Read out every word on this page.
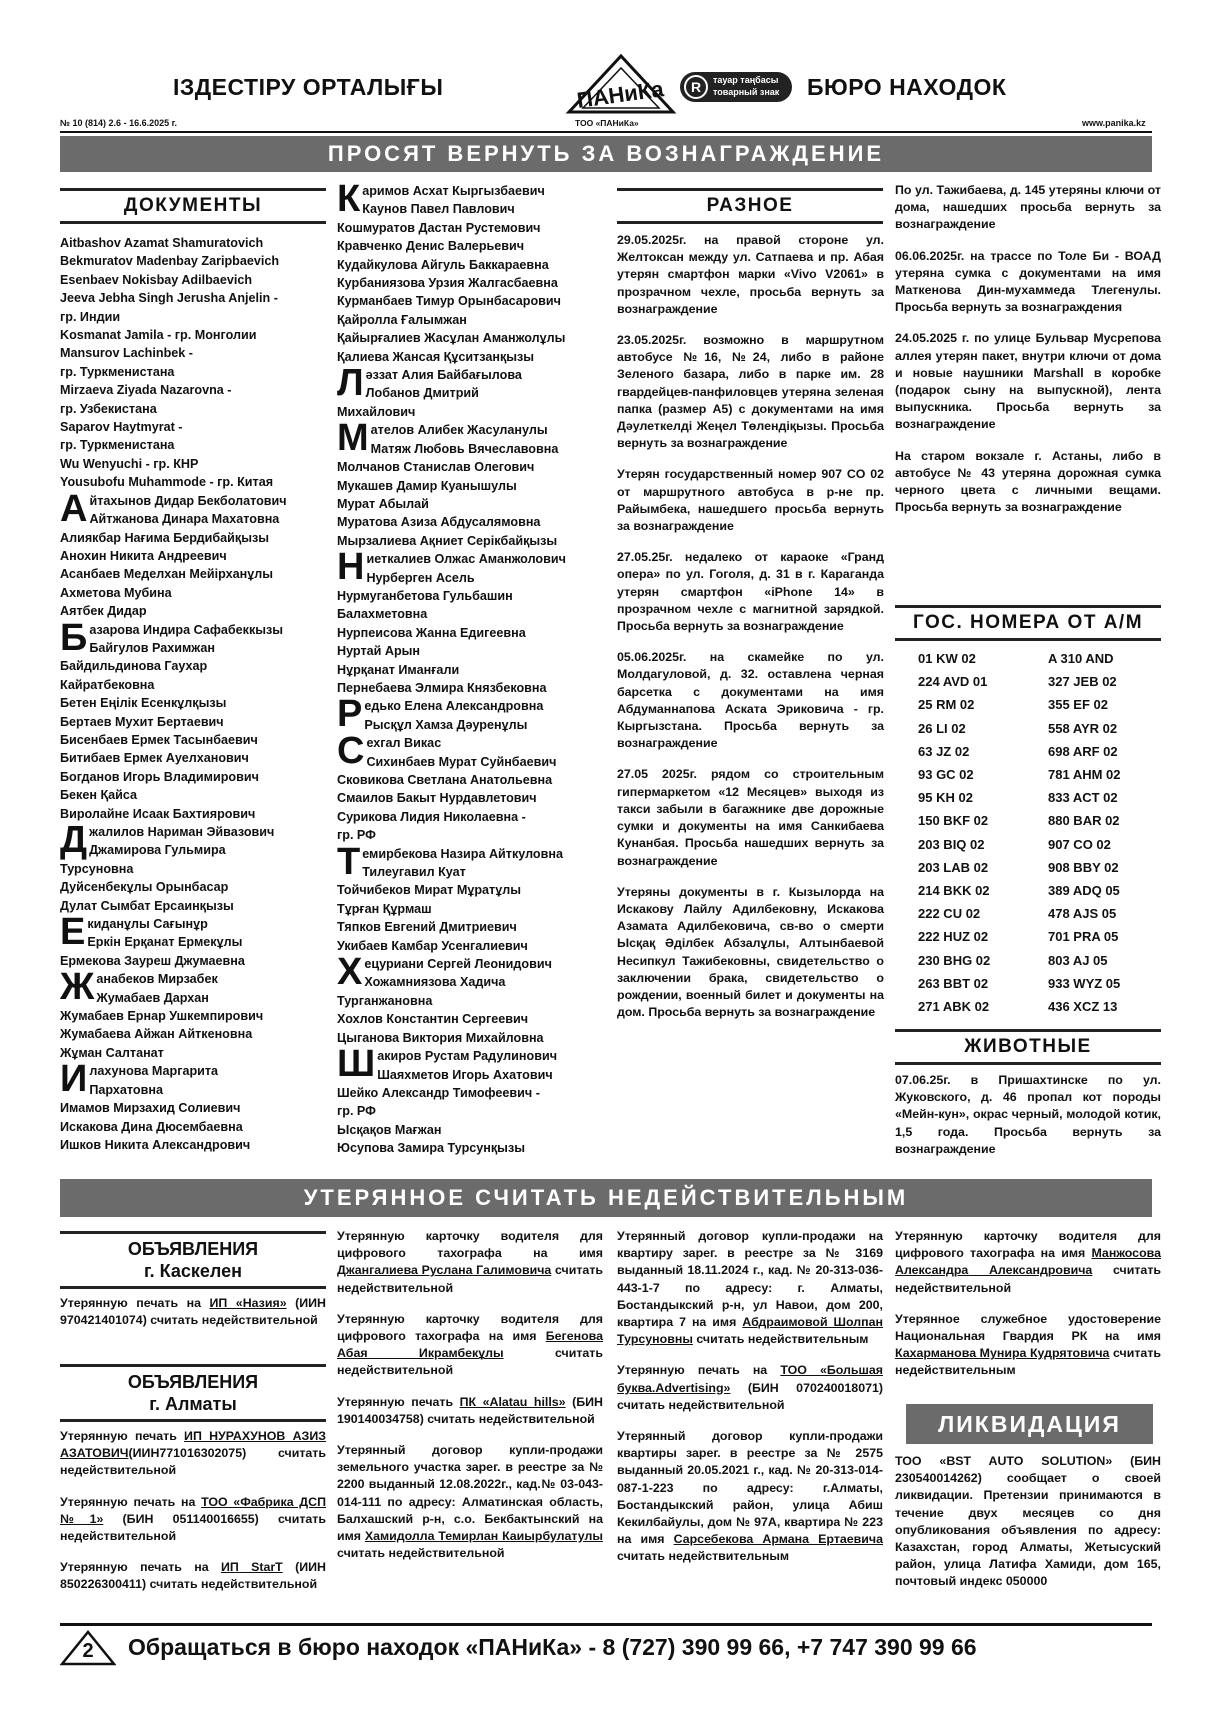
ІЗДЕСТІРУ ОРТАЛЫҒЫ	ПАНиКа
ТОО «ПАНиКа»
R	тауар таңбасы
товарный знак БЮРО НАХОДОК
№ 10 (814) 2.6 - 16.6.2025 г.	www.panika.kz
ПРОСЯТ ВЕРНУТЬ ЗА ВОЗНАГРАЖДЕНИЕ
ДОКУМЕНТЫ
Aitbashov Azamat Shamuratovich
Bekmuratov Madenbay Zaripbaevich
Esenbaev Nokisbay Adilbaevich
Jeeva Jebha Singh Jerusha Anjelin -
гр. Индии
Kosmanat Jamila - гр. Монголии
Mansurov Lachinbek -
гр. Туркменистана
Mirzaeva Ziyada Nazarovna -
гр. Узбекистана
Saparov Haytmyrat -
гр. Туркменистана
Wu Wenyuchi - гр. КНР
Yousubofu Muhammode - гр. Китая
А йтахынов Дидар Бекболатович
Айтжанова Динара Махатовна
Алиякбар Нағима Бердибайқызы
Анохин Никита Андреевич
Асанбаев Меделхан Мейірханұлы
Ахметова Мубина
Аятбек Дидар
Б азарова Индира Сафабеккызы
Байгулов Рахимжан
Байдильдинова Гаухар
Кайратбековна
Бетен Еңілік Есенкұлқызы
Бертаев Мухит Бертаевич
Бисенбаев Ермек Тасынбаевич
Битибаев Ермек Ауелханович
Богданов Игорь Владимирович
Бекен Қайса
Виролайне Исаак Бахтиярович
Д жалилов Нариман Эйвазович
Джамирова Гульмира
Турсуновна
Дуйсенбекұлы Орынбасар
Дулат Сымбат Ерсаинқызы
Е киданұлы Сағынұр
Еркін Ерқанат Ермекұлы
Ермекова Зауреш Джумаевна
Ж анабеков Мирзабек
Жумабаев Дархан
Жумабаев Ернар Ушкемпирович
Жумабаева Айжан Айткеновна
Жұман Салтанат
И лахунова Маргарита
Пархатовна
Имамов Мирзахид Солиевич
Искакова Дина Дюсембаевна
Ишков Никита Александрович
К аримов Асхат Кыргызбаевич
Каунов Павел Павлович
Кошмуратов Дастан Рустемович
Кравченко Денис Валерьевич
Кудайкулова Айгуль Баккараевна
Курбаниязова Урзия Жалгасбаевна
Курманбаев Тимур Орынбасарович
Қайролла Ғалымжан
Қайырғалиев Жасұлан Аманжолұлы
Қалиева Жансая Құситзанқызы
Л əззат Алия Байбағылова
Лобанов Дмитрий
Михайлович
М ателов Алибек Жасуланулы
Матяж Любовь Вячеславовна
Молчанов Станислав Олегович
Мукашев Дамир Куанышулы
Мурат Абылай
Муратова Азиза Абдусалямовна
Мырзалиева Ақниет Серікбайқызы
Н иеткалиев Олжас Аманжолович
Нурберген Асель
Нурмуганбетова Гульбашин
Балахметовна
Нурпеисова Жанна Едигеевна
Нуртай Арын
Нұрқанат Иманғали
Пернебаева Элмира Князбековна
Р едько Елена Александровна
Рысқұл Хамза Дәуренұлы
С ехгал Викас
Сихинбаев Мурат Суйнбаевич
Сковикова Светлана Анатольевна
Смаилов Бакыт Нурдавлетович
Сурикова Лидия Николаевна -
гр. РФ
Т емирбекова Назира Айткуловна
Тилеугавил Куат
Тойчибеков Мират Мұратұлы
Тұрған Құрмаш
Тяпков Евгений Дмитриевич
Укибаев Камбар Усенгалиевич
Х ецуриани Сергей Леонидович
Хожамниязова Хадича
Турганжановна
Хохлов Константин Сергеевич
Цыганова Виктория Михайловна
Ш акиров Рустам Радулинович
Шаяхметов Игорь Ахатович
Шейко Александр Тимофеевич -
гр. РФ
Ысқақов Мағжан
Юсупова Замира Турсунқызы
РАЗНОЕ
29.05.2025г. на правой стороне ул. Желтоксан между ул. Сатпаева и пр. Абая утерян смартфон марки «Vivo V2061» в прозрачном чехле, просьба вернуть за вознаграждение
23.05.2025г. возможно в маршрутном автобусе №16, №24, либо в районе Зеленого базара, либо в парке им. 28 гвардейцев-панфиловцев утеряна зеленая папка (размер А5) с документами на имя Дәулеткелді Жеңел Төлендіқызы. Просьба вернуть за вознаграждение
Утерян государственный номер 907 CO 02 от маршрутного автобуса в р-не пр. Райымбека, нашедшего просьба вернуть за вознаграждение
27.05.25г. недалеко от караоке «Гранд опера» по ул. Гоголя, д. 31 в г. Караганда утерян смартфон «iPhone 14» в прозрачном чехле с магнитной зарядкой. Просьба вернуть за вознаграждение
05.06.2025г. на скамейке по ул. Молдагуловой, д. 32. оставлена черная барсетка с документами на имя Абдуманнапова Аската Эриковича - гр. Кыргызстана. Просьба вернуть за вознаграждение
27.05 2025г. рядом со строительным гипермаркетом «12 Месяцев» выходя из такси забыли в багажнике две дорожные сумки и документы на имя Санкибаева Кунанбая. Просьба нашедших вернуть за вознаграждение
Утеряны документы в г. Кызылорда на Искакову Лайлу Адилбековну, Искакова Азамата Адилбековича, св-во о смерти Ысқақ Әділбек Абзалұлы, Алтынбаевой Несипкул Тажибековны, свидетельство о заключении брака, свидетельство о рождении, военный билет и документы на дом. Просьба вернуть за вознаграждение
По ул. Тажибаева, д. 145 утеряны ключи от дома, нашедших просьба вернуть за вознаграждение
06.06.2025г. на трассе по Толе Би - ВОАД утеряна сумка с документами на имя Маткенова Дин-мухаммеда Тлегенулы. Просьба вернуть за вознаграждения
24.05.2025 г. по улице Бульвар Мусрепова аллея утерян пакет, внутри ключи от дома и новые наушники Marshall в коробке (подарок сыну на выпускной), лента выпускника. Просьба вернуть за вознаграждение
На старом вокзале г. Астаны, либо в автобусе № 43 утеряна дорожная сумка черного цвета с личными вещами. Просьба вернуть за вознаграждение
ГОС. НОМЕРА ОТ А/М
01 KW 02	A 310 AND
224 AVD 01	327 JEB 02
25 RM 02	355 EF 02
26 LI 02	558 AYR 02
63 JZ 02	698 ARF 02
93 GC 02	781 AHM 02
95 KH 02	833 ACT 02
150 BKF 02	880 BAR 02
203 BIQ 02	907 CO 02
203 LAB 02	908 BBY 02
214 BKK 02	389 ADQ 05
222 CU 02	478 AJS 05
222 HUZ 02	701 PRA 05
230 BHG 02	803 AJ 05
263 BBT 02	933 WYZ 05
271 ABK 02	436 XCZ 13
ЖИВОТНЫЕ
07.06.25г. в Пришахтинске по ул. Жуковского, д. 46 пропал кот породы «Мейн-кун», окрас черный, молодой котик, 1,5 года. Просьба вернуть за вознаграждение
УТЕРЯННОЕ СЧИТАТЬ НЕДЕЙСТВИТЕЛЬНЫМ
ОБЪЯВЛЕНИЯ
г. Каскелен
Утерянную печать на ИП «Назия» (ИИН 970421401074) считать недействительной
ОБЪЯВЛЕНИЯ
г. Алматы
Утерянную печать ИП НУРАХУНОВ АЗИЗ АЗАТОВИЧ(ИИН771016302075) считать недействительной
Утерянную печать на ТОО «Фабрика ДСП №1» (БИН 051140016655) считать недействительной
Утерянную печать на ИП StarT (ИИН 850226300411) считать недействительной
Утерянную карточку водителя для цифрового тахографа на имя Джангалиева Руслана Галимовича считать недействительной
Утерянную карточку водителя для цифрового тахографа на имя Бегенова Абая Икрамбекұлы считать недействительной
Утерянную печать ПК «Alatau hills» (БИН 190140034758) считать недействительной
Утерянный договор купли-продажи земельного участка зарег. в реестре за № 2200 выданный 12.08.2022г., кад.№ 03-043-014-111 по адресу: Алматинская область, Балхашский р-н, с.о. Бекбактынский на имя Хамидолла Темирлан Каиырбулатулы считать недействительной
Утерянный договор купли-продажи на квартиру зарег. в реестре за № 3169 выданный 18.11.2024 г., кад. № 20-313-036-443-1-7 по адресу: г. Алматы, Бостандыкский р-н, ул Навои, дом 200, квартира 7 на имя Абдраимовой Шолпан Турсуновны считать недействительным
Утерянную печать на ТОО «Большая буква.Advertising» (БИН 070240018071) считать недействительной
Утерянный договор купли-продажи квартиры зарег. в реестре за № 2575 выданный 20.05.2021 г., кад. № 20-313-014-087-1-223 по адресу: г.Алматы, Бостандыкский район, улица Абиш Кекилбайулы, дом № 97А, квартира № 223 на имя Сарсебекова Армана Ертаевича считать недействительным
Утерянную карточку водителя для цифрового тахографа на имя Манжосова Александра Александровича считать недействительной
Утерянное служебное удостоверение Национальная Гвардия РК на имя Кахарманова Мунира Кудрятовича считать недействительным
ЛИКВИДАЦИЯ
ТОО «BST AUTO SOLUTION» (БИН 230540014262) сообщает о своей ликвидации. Претензии принимаются в течение двух месяцев со дня опубликования объявления по адресу: Казахстан, город Алматы, Жетысуский район, улица Латифа Хамиди, дом 165, почтовый индекс 050000
2 Обращаться в бюро находок «ПАНиКа» - 8 (727) 390 99 66, +7 747 390 99 66
